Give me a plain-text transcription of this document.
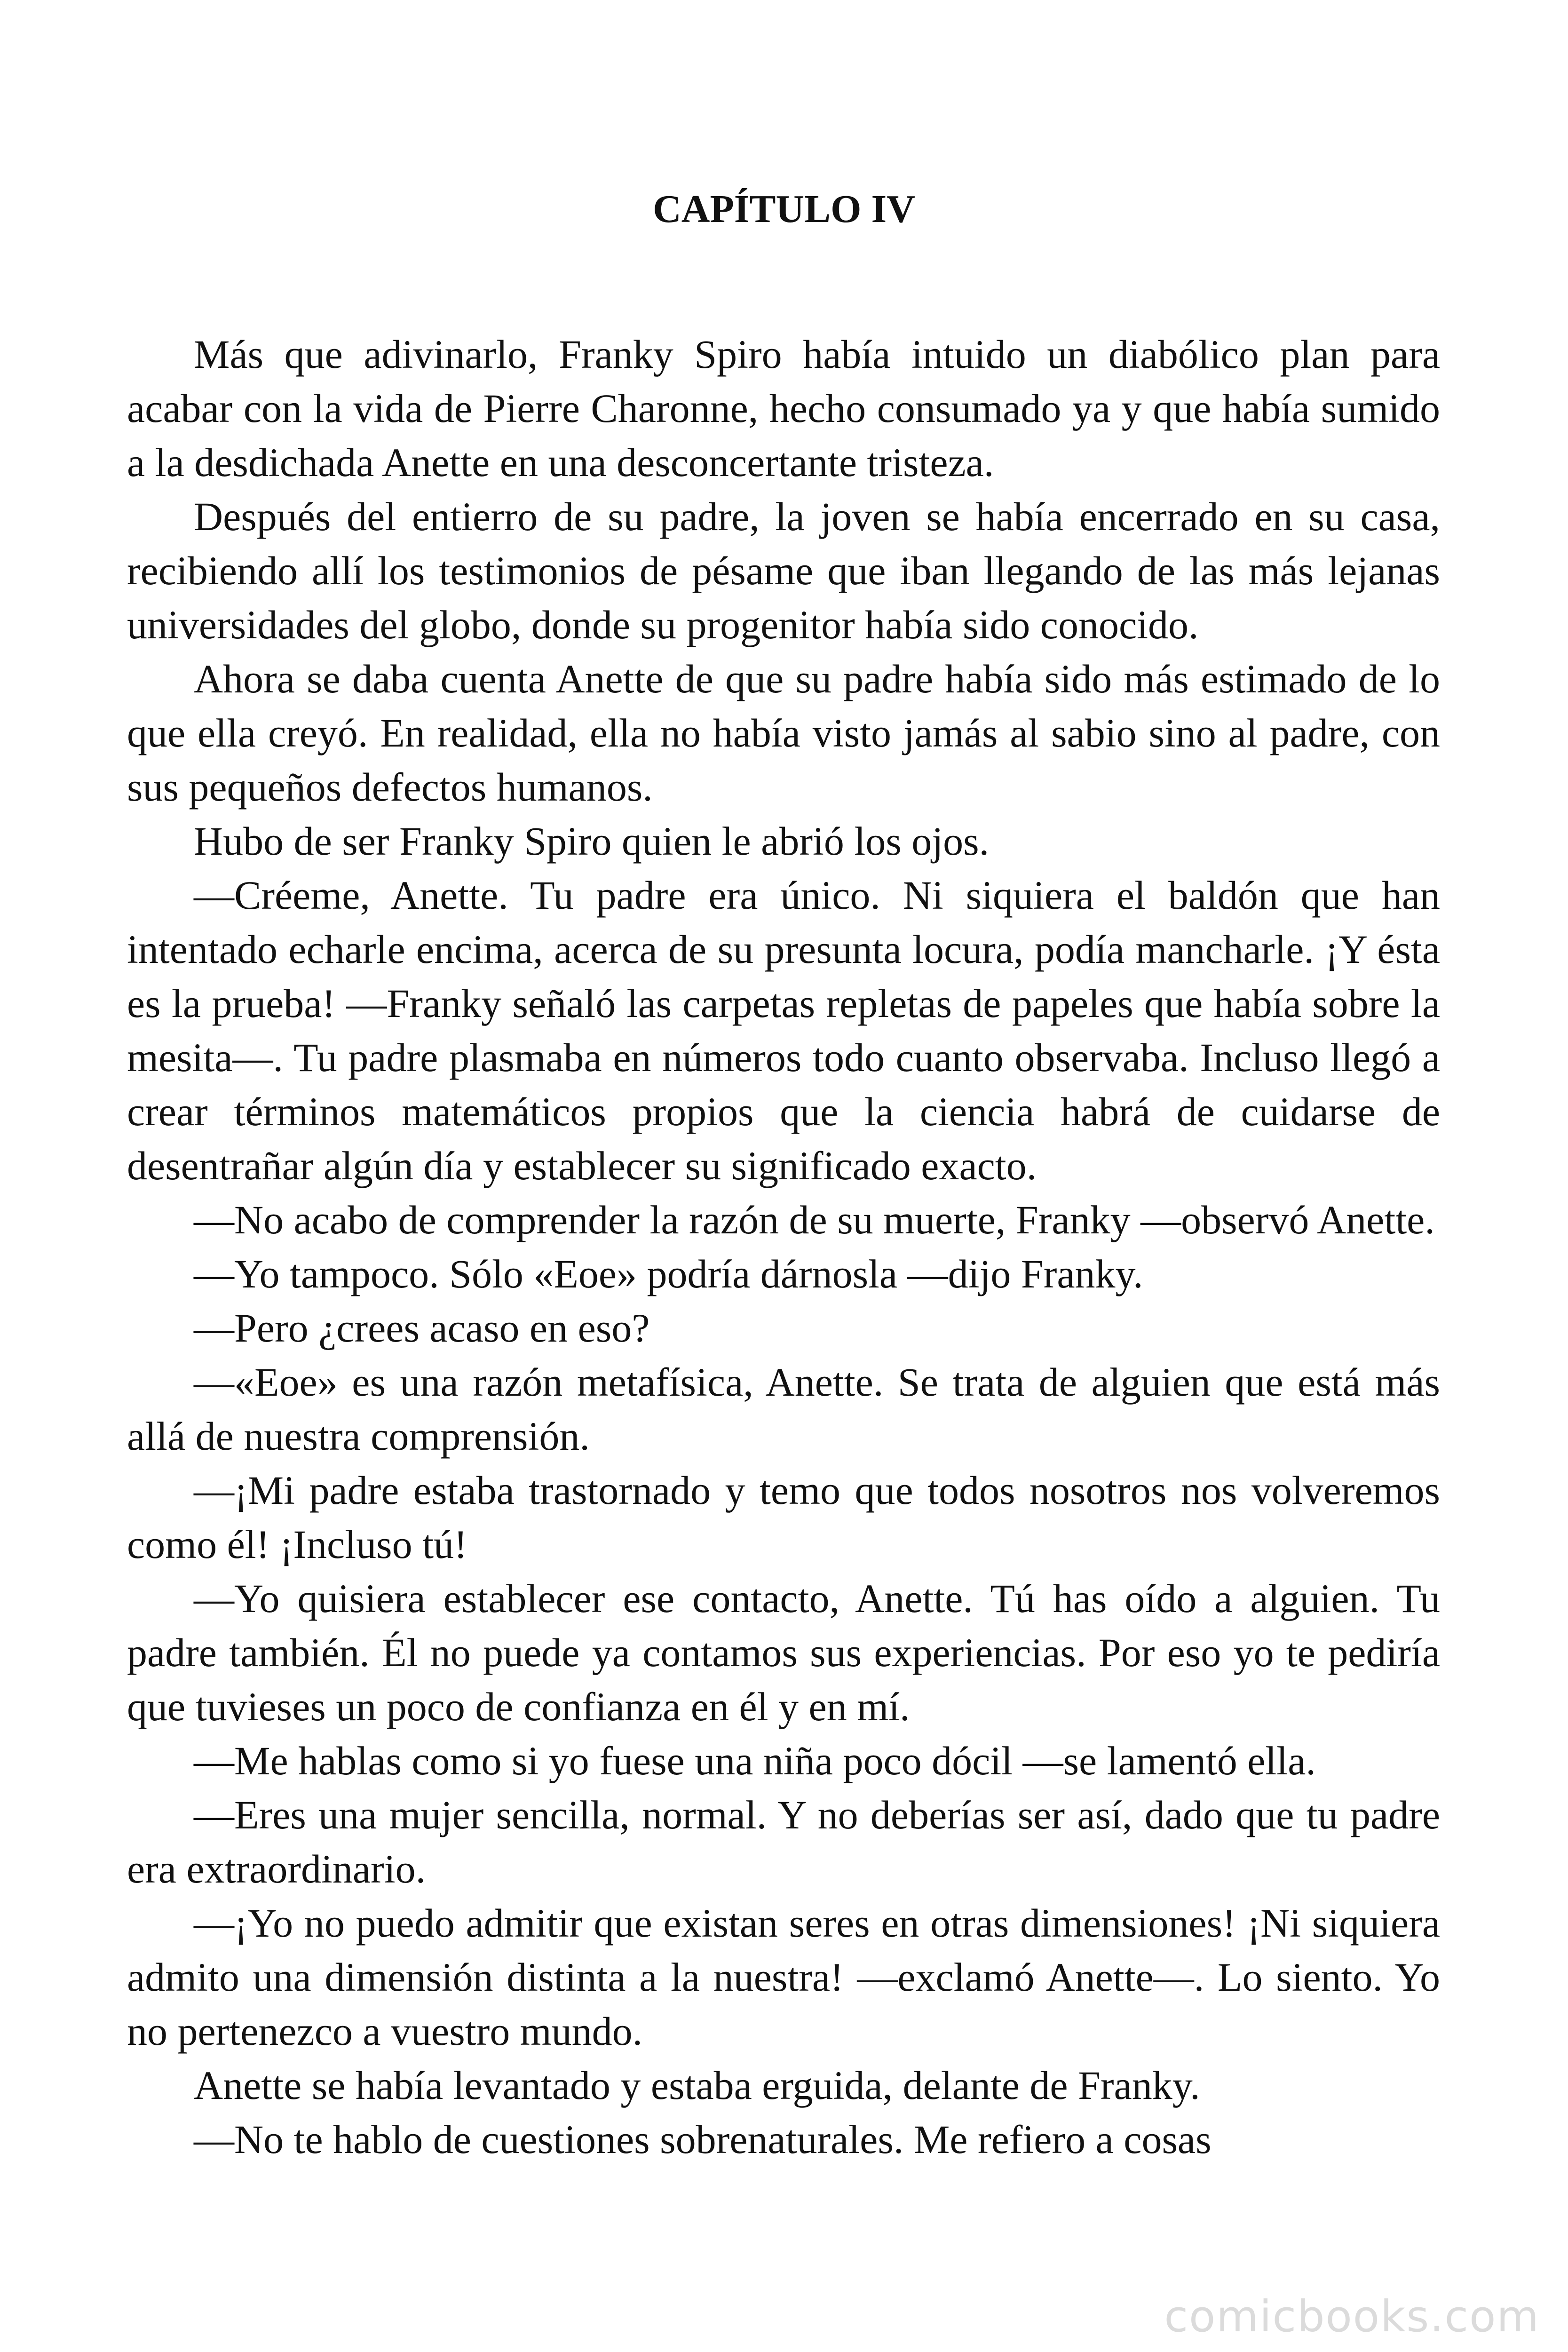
CAPÍTULO IV

Más que adivinarlo, Franky Spiro había intuido un diabólico plan para acabar con la vida de Pierre Charonne, hecho consumado ya y que había sumido a la desdichada Anette en una desconcertante tristeza.

Después del entierro de su padre, la joven se había encerrado en su casa, recibiendo allí los testimonios de pésame que iban llegando de las más lejanas universidades del globo, donde su progenitor había sido conocido.

Ahora se daba cuenta Anette de que su padre había sido más estimado de lo que ella creyó. En realidad, ella no había visto jamás al sabio sino al padre, con sus pequeños defectos humanos.

Hubo de ser Franky Spiro quien le abrió los ojos.

—Créeme, Anette. Tu padre era único. Ni siquiera el baldón que han intentado echarle encima, acerca de su presunta locura, podía mancharle. ¡Y ésta es la prueba! —Franky señaló las carpetas repletas de papeles que había sobre la mesita—. Tu padre plasmaba en números todo cuanto observaba. Incluso llegó a crear términos matemáticos propios que la ciencia habrá de cuidarse de desentrañar algún día y establecer su significado exacto.

—No acabo de comprender la razón de su muerte, Franky —observó Anette.

—Yo tampoco. Sólo «Eoe» podría dárnosla —dijo Franky.

—Pero ¿crees acaso en eso?

—«Eoe» es una razón metafísica, Anette. Se trata de alguien que está más allá de nuestra comprensión.

—¡Mi padre estaba trastornado y temo que todos nosotros nos volveremos como él! ¡Incluso tú!

—Yo quisiera establecer ese contacto, Anette. Tú has oído a alguien. Tu padre también. Él no puede ya contamos sus experiencias. Por eso yo te pediría que tuvieses un poco de confianza en él y en mí.

—Me hablas como si yo fuese una niña poco dócil —se lamentó ella.

—Eres una mujer sencilla, normal. Y no deberías ser así, dado que tu padre era extraordinario.

—¡Yo no puedo admitir que existan seres en otras dimensiones! ¡Ni siquiera admito una dimensión distinta a la nuestra! —exclamó Anette—. Lo siento. Yo no pertenezco a vuestro mundo.

Anette se había levantado y estaba erguida, delante de Franky.

—No te hablo de cuestiones sobrenaturales. Me refiero a cosas

comicbooks.com
